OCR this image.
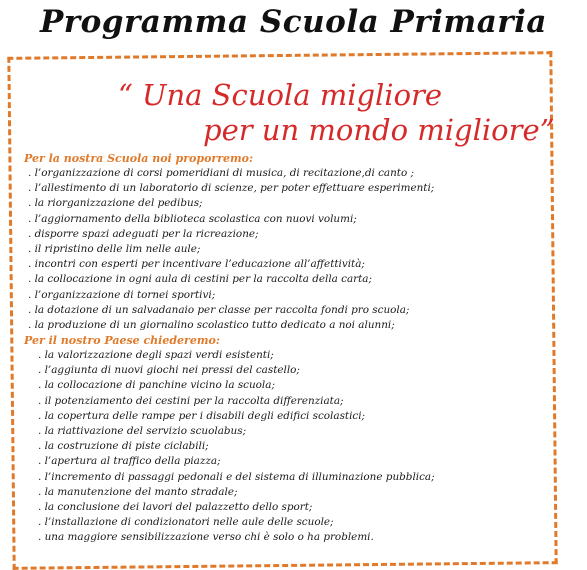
Programma Scuola Primaria
“ Una Scuola migliore
per un mondo migliore”
Per la nostra Scuola noi proporremo:
. l’organizzazione di corsi pomeridiani di musica, di recitazione,di canto ;
. l’allestimento di un laboratorio di scienze, per poter effettuare esperimenti;
. la riorganizzazione del pedibus;
. l’aggiornamento della biblioteca scolastica con nuovi volumi;
. disporre spazi adeguati per la ricreazione;
. il ripristino delle lim nelle aule;
. incontri con esperti per incentivare l’educazione all’affettività;
. la collocazione in ogni aula di cestini per la raccolta della carta;
. l’organizzazione di tornei sportivi;
. la dotazione di un salvadanaio per classe per raccolta fondi pro scuola;
. la produzione di un giornalino scolastico tutto dedicato a noi alunni;
Per il nostro Paese chiederemo:
. la valorizzazione degli spazi verdi esistenti;
. l’aggiunta di nuovi giochi nei pressi del castello;
. la collocazione di panchine vicino la scuola;
. il potenziamento dei cestini per la raccolta differenziata;
. la copertura delle rampe per i disabili degli edifici scolastici;
. la riattivazione del servizio scuolabus;
. la costruzione di piste ciclabili;
. l’apertura al traffico della piazza;
. l’incremento di passaggi pedonali e del sistema di illuminazione pubblica;
. la manutenzione del manto stradale;
. la conclusione dei lavori del palazzetto dello sport;
. l’installazione di condizionatori nelle aule delle scuole;
. una maggiore sensibilizzazione verso chi è solo o ha problemi.
